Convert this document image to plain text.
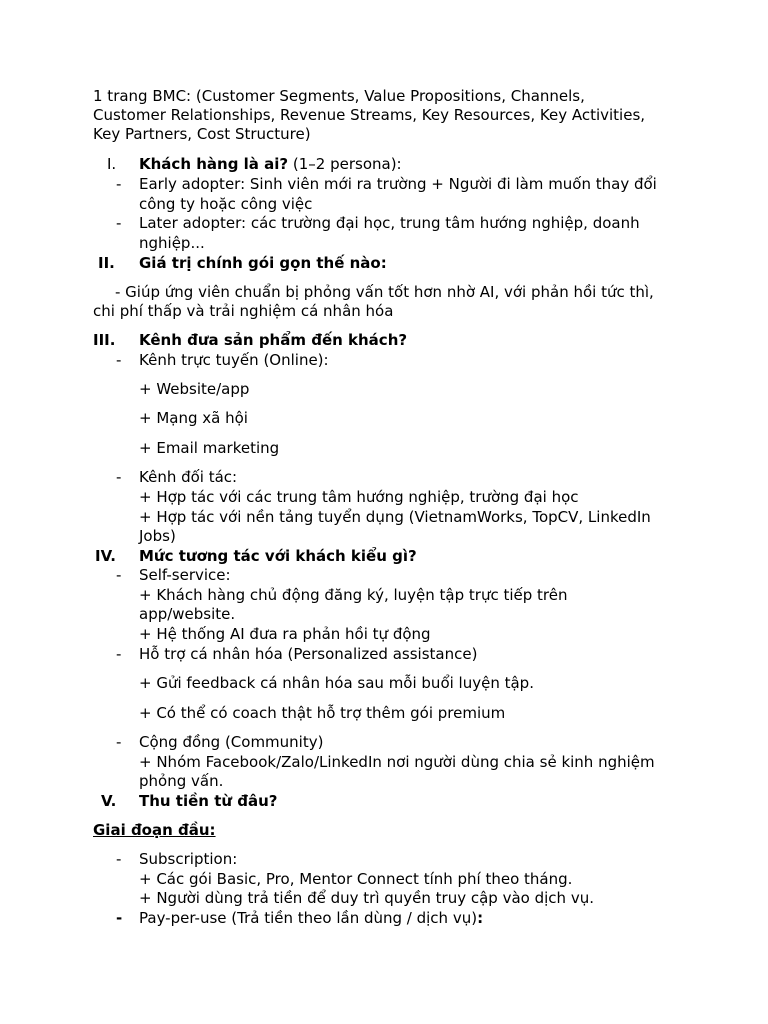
1 trang BMC: (Customer Segments, Value Propositions, Channels,
Customer Relationships, Revenue Streams, Key Resources, Key Activities,
Key Partners, Cost Structure)
I. Khách hàng là ai? (1–2 persona):
- Early adopter: Sinh viên mới ra trường + Người đi làm muốn thay đổi
công ty hoặc công việc
- Later adopter: các trường đại học, trung tâm hướng nghiệp, doanh
nghiệp...
II. Giá trị chính gói gọn thế nào:
- Giúp ứng viên chuẩn bị phỏng vấn tốt hơn nhờ AI, với phản hồi tức thì,
chi phí thấp và trải nghiệm cá nhân hóa
III. Kênh đưa sản phẩm đến khách?
- Kênh trực tuyến (Online):
+ Website/app
+ Mạng xã hội
+ Email marketing
- Kênh đối tác:
+ Hợp tác với các trung tâm hướng nghiệp, trường đại học
+ Hợp tác với nền tảng tuyển dụng (VietnamWorks, TopCV, LinkedIn
Jobs)
IV. Mức tương tác với khách kiểu gì?
- Self-service:
+ Khách hàng chủ động đăng ký, luyện tập trực tiếp trên
app/website.
+ Hệ thống AI đưa ra phản hồi tự động
- Hỗ trợ cá nhân hóa (Personalized assistance)
+ Gửi feedback cá nhân hóa sau mỗi buổi luyện tập.
+ Có thể có coach thật hỗ trợ thêm gói premium
- Cộng đồng (Community)
+ Nhóm Facebook/Zalo/LinkedIn nơi người dùng chia sẻ kinh nghiệm
phỏng vấn.
V. Thu tiền từ đâu?
Giai đoạn đầu:
- Subscription:
+ Các gói Basic, Pro, Mentor Connect tính phí theo tháng.
+ Người dùng trả tiền để duy trì quyền truy cập vào dịch vụ.
- Pay-per-use (Trả tiền theo lần dùng / dịch vụ):
